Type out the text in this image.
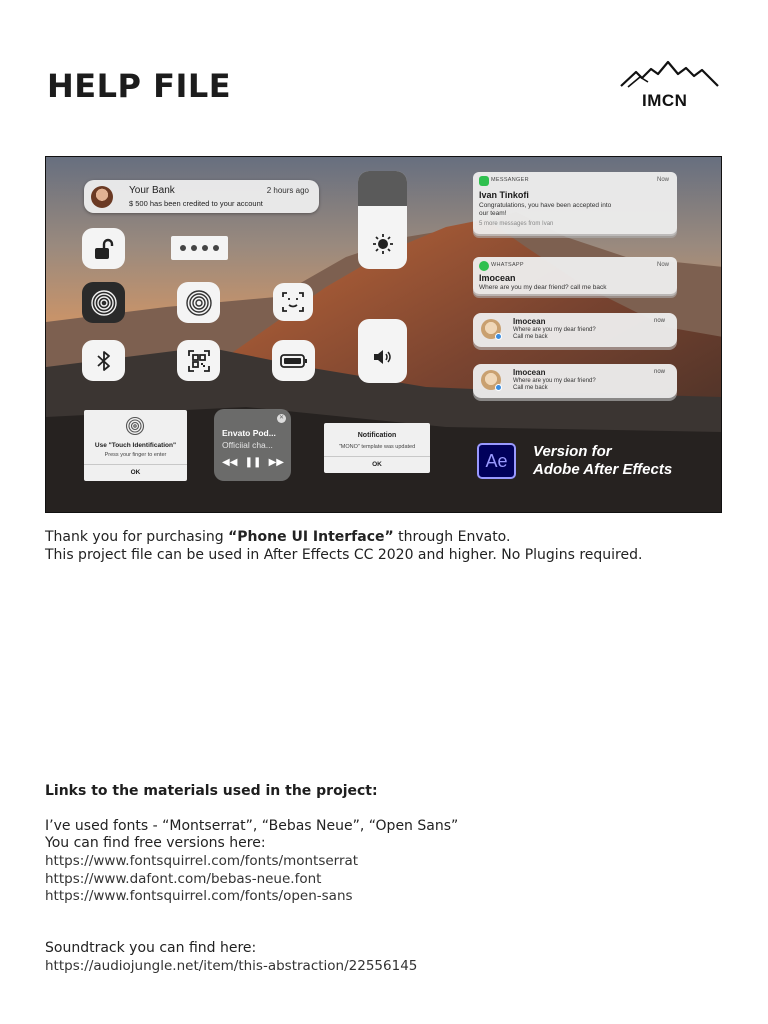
HELP FILE	IMCN
Your Bank	2 hours ago
$ 500 has been credited to your account
MESSANGER	Now
Ivan Tinkofi
Congratulations, you have been accepted into
our team!
5 more messages from Ivan
WHATSAPP	Now
Imocean
Where are you my dear friend? call me back
Imocean	now
Where are you my dear friend?
Call me back
Imocean	now
Where are you my dear friend?
Call me back
Use "Touch Identification"
Press your finger to enter
OK
✕
Envato Pod...
Officiial cha...
◀◀ ❚❚ ▶▶
Notification
"MONO" template was updated
OK	Ae	Version for
Adobe After Effects
Thank you for purchasing “Phone UI Interface” through Envato.
This project file can be used in After Effects CC 2020 and higher. No Plugins required.
Links to the materials used in the project:
I’ve used fonts - “Montserrat”, “Bebas Neue”, “Open Sans”
You can find free versions here:
https://www.fontsquirrel.com/fonts/montserrat
https://www.dafont.com/bebas-neue.font
https://www.fontsquirrel.com/fonts/open-sans
Soundtrack you can find here:
https://audiojungle.net/item/this-abstraction/22556145
